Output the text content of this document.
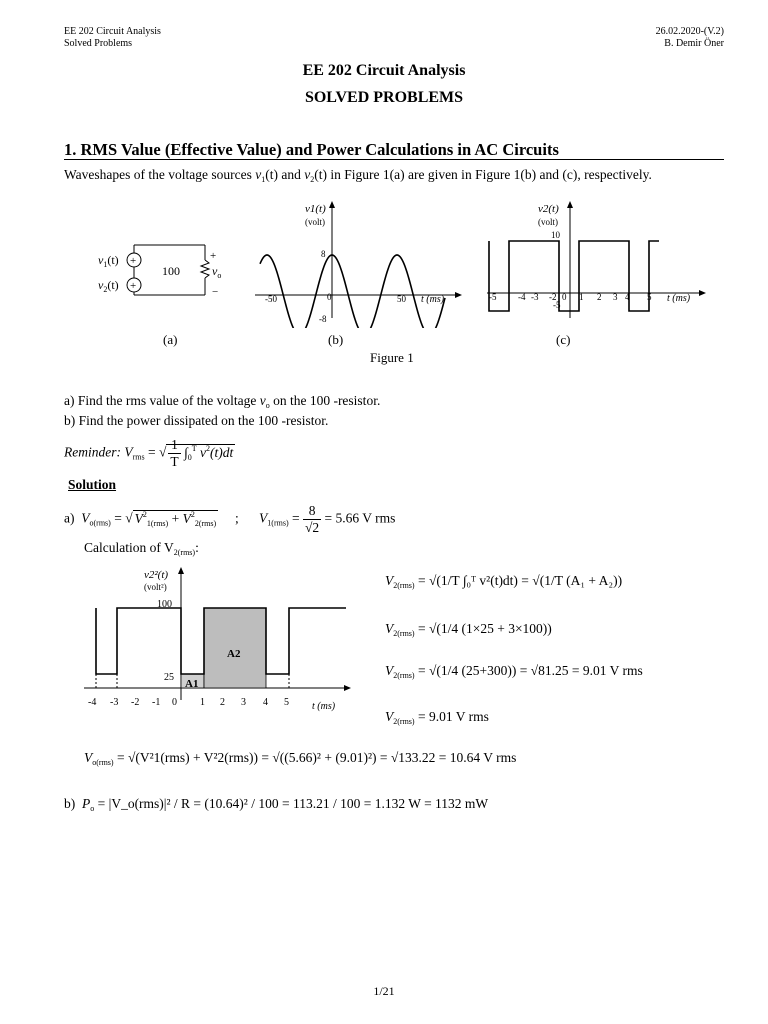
EE 202 Circuit Analysis
Solved Problems
26.02.2020-(V.2)
B. Demir Öner
EE 202 Circuit Analysis
SOLVED PROBLEMS
1. RMS Value (Effective Value) and Power Calculations in AC Circuits
Waveshapes of the voltage sources $v_1(t)$ and $v_2(t)$ in Figure 1(a) are given in Figure 1(b) and (c), respectively.
+
+
$v_1(t)$
$v_2(t)$
100
+
$v_o$
−
v1(t)
(volt)
8
-8
-50	0	50 t (ms)
v2(t)
(volt)
10
-5
-5 -4 -3 -2 0 1 2 3 4 5 t (ms)
(a)	(b)	(c)
Figure 1
a) Find the rms value of the voltage $v_o$ on the 100 -resistor.
b) Find the power dissipated on the 100 -resistor.
Reminder: $V_{rms}$ = √ $\frac{1}{T} \int_0^T$ $v^2(t)dt$
Solution
a) $V_{o(rms)}$ = √ $V^2_{1(rms)} + V^2_{2(rms)}$ ; $V_{1(rms)} = \frac{8}{√2} = 5.66$ V rms
Calculation of $V_{2(rms)}$:
v2²(t)
(volt²)
100
25
A1
A2
-4 -3 -2 -1 0 1 2 3 4 5 t (ms)
$V_{2(rms)} = √(1/T$ ∫₀ᵀ v²(t)dt) = √(1/T (A₁ + A₂))
$V_{2(rms)} = √(1/4$ (1×25 + 3×100))
$V_{2(rms)} = √(1/4$ (25+300)) = √81.25 = 9.01 V rms
$V_{2(rms)} = 9.01$ V rms
$V_{o(rms)} = √(V^21(rms) + V^22(rms)) = √((5.66)^2 + (9.01)^2) = √133.22 = 10.64$ V rms
b) $P_o$ = |V_o(rms)|² / R = (10.64)² / 100 = 113.21 / 100 = 1.132 W = 1132 mW
1/21
